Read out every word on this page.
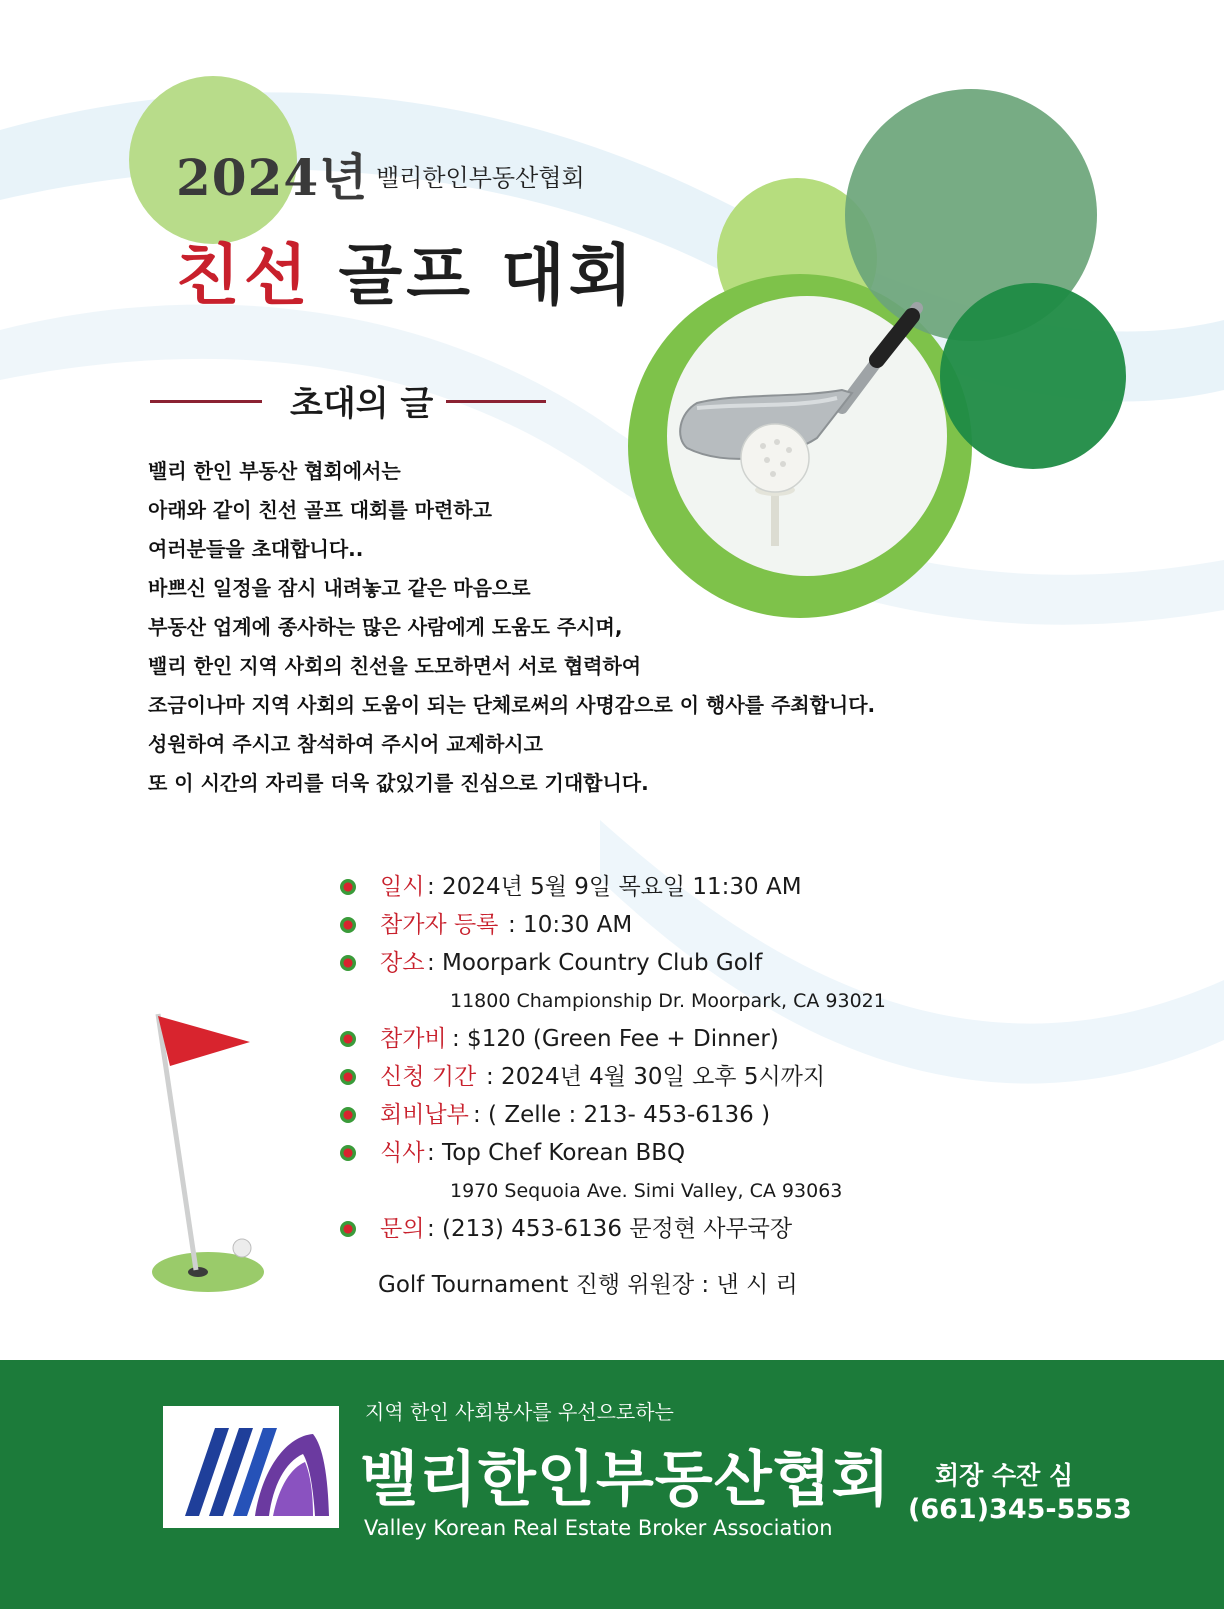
2024년 밸리한인부동산협회
친선 골프 대회
초대의 글
밸리 한인 부동산 협회에서는
아래와 같이 친선 골프 대회를 마련하고
여러분들을 초대합니다..
바쁘신 일정을 잠시 내려놓고 같은 마음으로
부동산 업계에 종사하는 많은 사람에게 도움도 주시며,
밸리 한인 지역 사회의 친선을 도모하면서 서로 협력하여
조금이나마 지역 사회의 도움이 되는 단체로써의 사명감으로 이 행사를 주최합니다.
성원하여 주시고 참석하여 주시어 교제하시고
또 이 시간의 자리를 더욱 값있기를 진심으로 기대합니다.
일시 : 2024년 5월 9일 목요일 11:30 AM
참가자 등록 : 10:30 AM
장소 : Moorpark Country Club Golf
11800 Championship Dr. Moorpark, CA 93021
참가비 : $120 (Green Fee + Dinner)
신청 기간 : 2024년 4월 30일 오후 5시까지
회비납부 : ( Zelle : 213- 453-6136 )
식사 : Top Chef Korean BBQ
1970 Sequoia Ave. Simi Valley, CA 93063
문의 : (213) 453-6136 문정현 사무국장
Golf Tournament 진행 위원장 : 낸 시 리
지역 한인 사회봉사를 우선으로하는
밸리한인부동산협회
Valley Korean Real Estate Broker Association
회장 수잔 심
(661)345-5553
